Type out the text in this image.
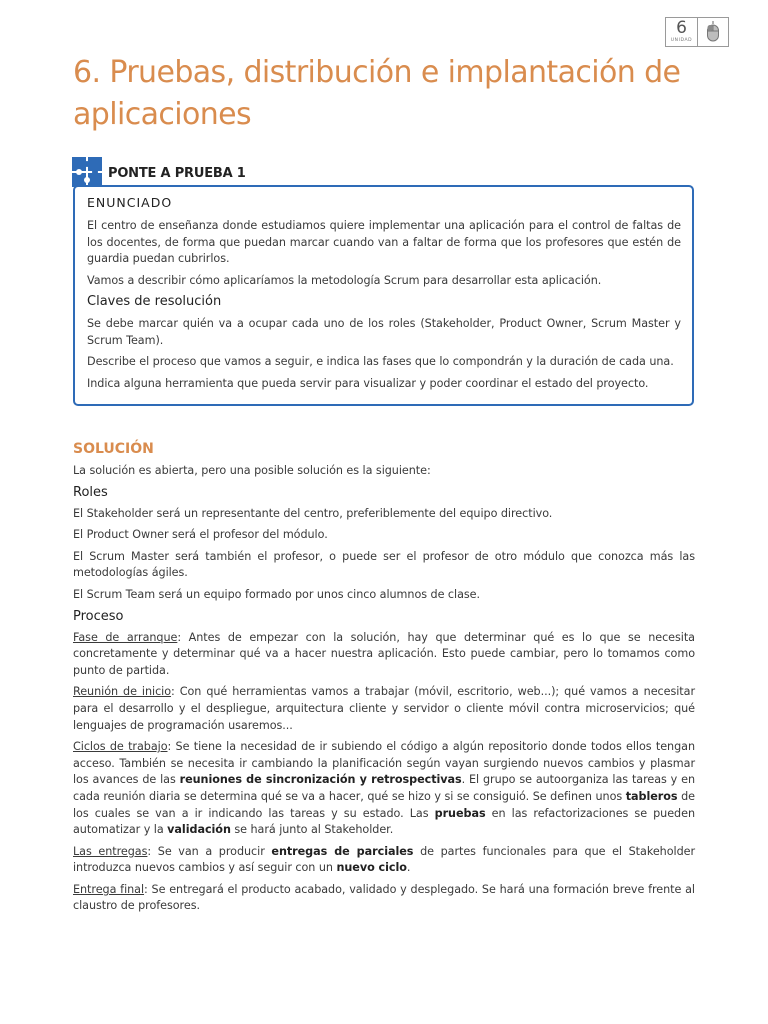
6
UNIDAD
6. Pruebas, distribución e implantación de aplicaciones
PONTE A PRUEBA 1
ENUNCIADO

El centro de enseñanza donde estudiamos quiere implementar una aplicación para el control de faltas de los docentes, de forma que puedan marcar cuando van a faltar de forma que los profesores que estén de guardia puedan cubrirlos.

Vamos a describir cómo aplicaríamos la metodología Scrum para desarrollar esta aplicación.

Claves de resolución

Se debe marcar quién va a ocupar cada uno de los roles (Stakeholder, Product Owner, Scrum Master y Scrum Team).

Describe el proceso que vamos a seguir, e indica las fases que lo compondrán y la duración de cada una.

Indica alguna herramienta que pueda servir para visualizar y poder coordinar el estado del proyecto.

SOLUCIÓN

La solución es abierta, pero una posible solución es la siguiente:

Roles

El Stakeholder será un representante del centro, preferiblemente del equipo directivo.

El Product Owner será el profesor del módulo.

El Scrum Master será también el profesor, o puede ser el profesor de otro módulo que conozca más las metodologías ágiles.

El Scrum Team será un equipo formado por unos cinco alumnos de clase.

Proceso

Fase de arranque: Antes de empezar con la solución, hay que determinar qué es lo que se necesita concretamente y determinar qué va a hacer nuestra aplicación. Esto puede cambiar, pero lo tomamos como punto de partida.

Reunión de inicio: Con qué herramientas vamos a trabajar (móvil, escritorio, web...); qué vamos a necesitar para el desarrollo y el despliegue, arquitectura cliente y servidor o cliente móvil contra microservicios; qué lenguajes de programación usaremos...

Ciclos de trabajo: Se tiene la necesidad de ir subiendo el código a algún repositorio donde todos ellos tengan acceso. También se necesita ir cambiando la planificación según vayan surgiendo nuevos cambios y plasmar los avances de las reuniones de sincronización y retrospectivas. El grupo se autoorganiza las tareas y en cada reunión diaria se determina qué se va a hacer, qué se hizo y si se consiguió. Se definen unos tableros de los cuales se van a ir indicando las tareas y su estado. Las pruebas en las refactorizaciones se pueden automatizar y la validación se hará junto al Stakeholder.

Las entregas: Se van a producir entregas de parciales de partes funcionales para que el Stakeholder introduzca nuevos cambios y así seguir con un nuevo ciclo.

Entrega final: Se entregará el producto acabado, validado y desplegado. Se hará una formación breve frente al claustro de profesores.
